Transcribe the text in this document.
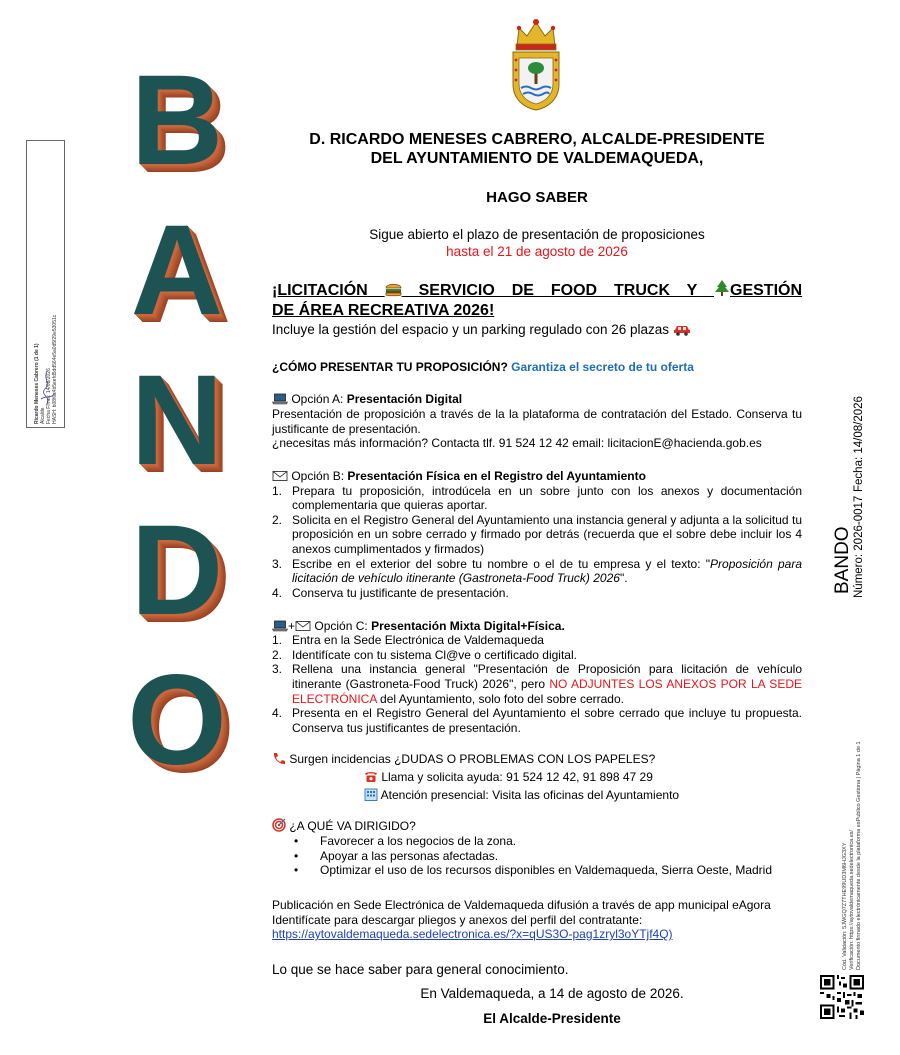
Ricardo Meneses Cabrero (1 de 1) Alcalde Fecha Firma: 14/08/2026 HASH: b08f6c4b5eefd5dd564e5a0d5f29e53051c
B
A
N
D
O
D. RICARDO MENESES CABRERO, ALCALDE-PRESIDENTE
DEL AYUNTAMIENTO DE VALDEMAQUEDA,
HAGO SABER
Sigue abierto el plazo de presentación de proposiciones
hasta el 21 de agosto de 2026
¡LICITACIÓN	SERVICIO DE FOOD TRUCK Y GESTIÓN
DE ÁREA RECREATIVA 2026!
Incluye la gestión del espacio y un parking regulado con 26 plazas
¿CÓMO PRESENTAR TU PROPOSICIÓN? Garantiza el secreto de tu oferta
Opción A: Presentación Digital
Presentación de proposición a través de la la plataforma de contratación del Estado. Conserva tu justificante de presentación.
¿necesitas más información? Contacta tlf. 91 524 12 42 email: licitacionE@hacienda.gob.es
Opción B: Presentación Física en el Registro del Ayuntamiento
1. Prepara tu proposición, introdúcela en un sobre junto con los anexos y documentación complementaria que quieras aportar.
2. Solicita en el Registro General del Ayuntamiento una instancia general y adjunta a la solicitud tu proposición en un sobre cerrado y firmado por detrás (recuerda que el sobre debe incluir los 4 anexos cumplimentados y firmados)
3. Escribe en el exterior del sobre tu nombre o el de tu empresa y el texto: "Proposición para licitación de vehículo itinerante (Gastroneta-Food Truck) 2026".
4. Conserva tu justificante de presentación.
+ Opción C: Presentación Mixta Digital+Física.
1. Entra en la Sede Electrónica de Valdemaqueda
2. Identifícate con tu sistema Cl@ve o certificado digital.
3. Rellena una instancia general "Presentación de Proposición para licitación de vehículo itinerante (Gastroneta-Food Truck) 2026", pero NO ADJUNTES LOS ANEXOS POR LA SEDE ELECTRÓNICA del Ayuntamiento, solo foto del sobre cerrado.
4. Presenta en el Registro General del Ayuntamiento el sobre cerrado que incluye tu propuesta. Conserva tus justificantes de presentación.
Surgen incidencias ¿DUDAS O PROBLEMAS CON LOS PAPELES?
Llama y solicita ayuda: 91 524 12 42, 91 898 47 29
Atención presencial: Visita las oficinas del Ayuntamiento
¿A QUÉ VA DIRIGIDO?
•	Favorecer a los negocios de la zona.
•	Apoyar a las personas afectadas.
•	Optimizar el uso de los recursos disponibles en Valdemaqueda, Sierra Oeste, Madrid
Publicación en Sede Electrónica de Valdemaqueda difusión a través de app municipal eAgora
Identifícate para descargar pliegos y anexos del perfil del contratante:
https://aytovaldemaqueda.sedelectronica.es/?x=qUS3O-pag1zryl3oYTjf4Q)
Lo que se hace saber para general conocimiento.
En Valdemaqueda, a 14 de agosto de 2026.
El Alcalde-Presidente
BANDO Número: 2026-0017
Fecha: 14/08/2026
Cód. Validación: 5JWGQ7Z7THE99UD3M6HJG3XY Verificación: https://aytovaldemaqueda.sedelectronica.es/ Documento firmado electrónicamente desde la plataforma esPublico Gestiona | Página 1 de 1
